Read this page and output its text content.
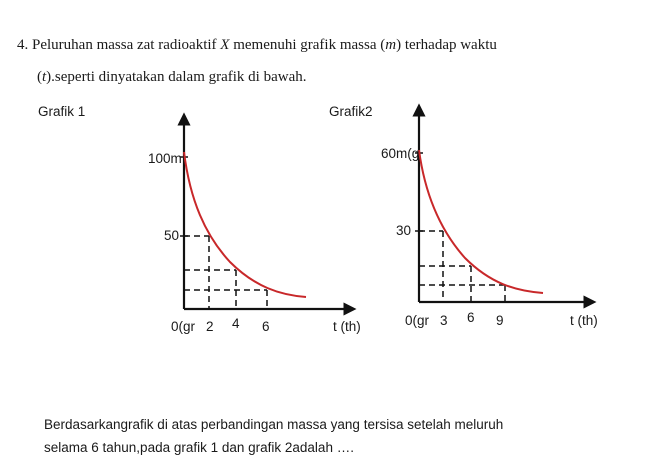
4. Peluruhan massa zat radioaktif X memenuhi grafik massa (m) terhadap waktu
(t).seperti dinyatakan dalam grafik di bawah.
Grafik 1	Grafik2
100m
50
0(gr 2 4 6	t (th)
60m(g
30
0(gr 3 6 9	t (th)
Berdasarkangrafik di atas perbandingan massa yang tersisa setelah meluruh
selama 6 tahun,pada grafik 1 dan grafik 2adalah ….
